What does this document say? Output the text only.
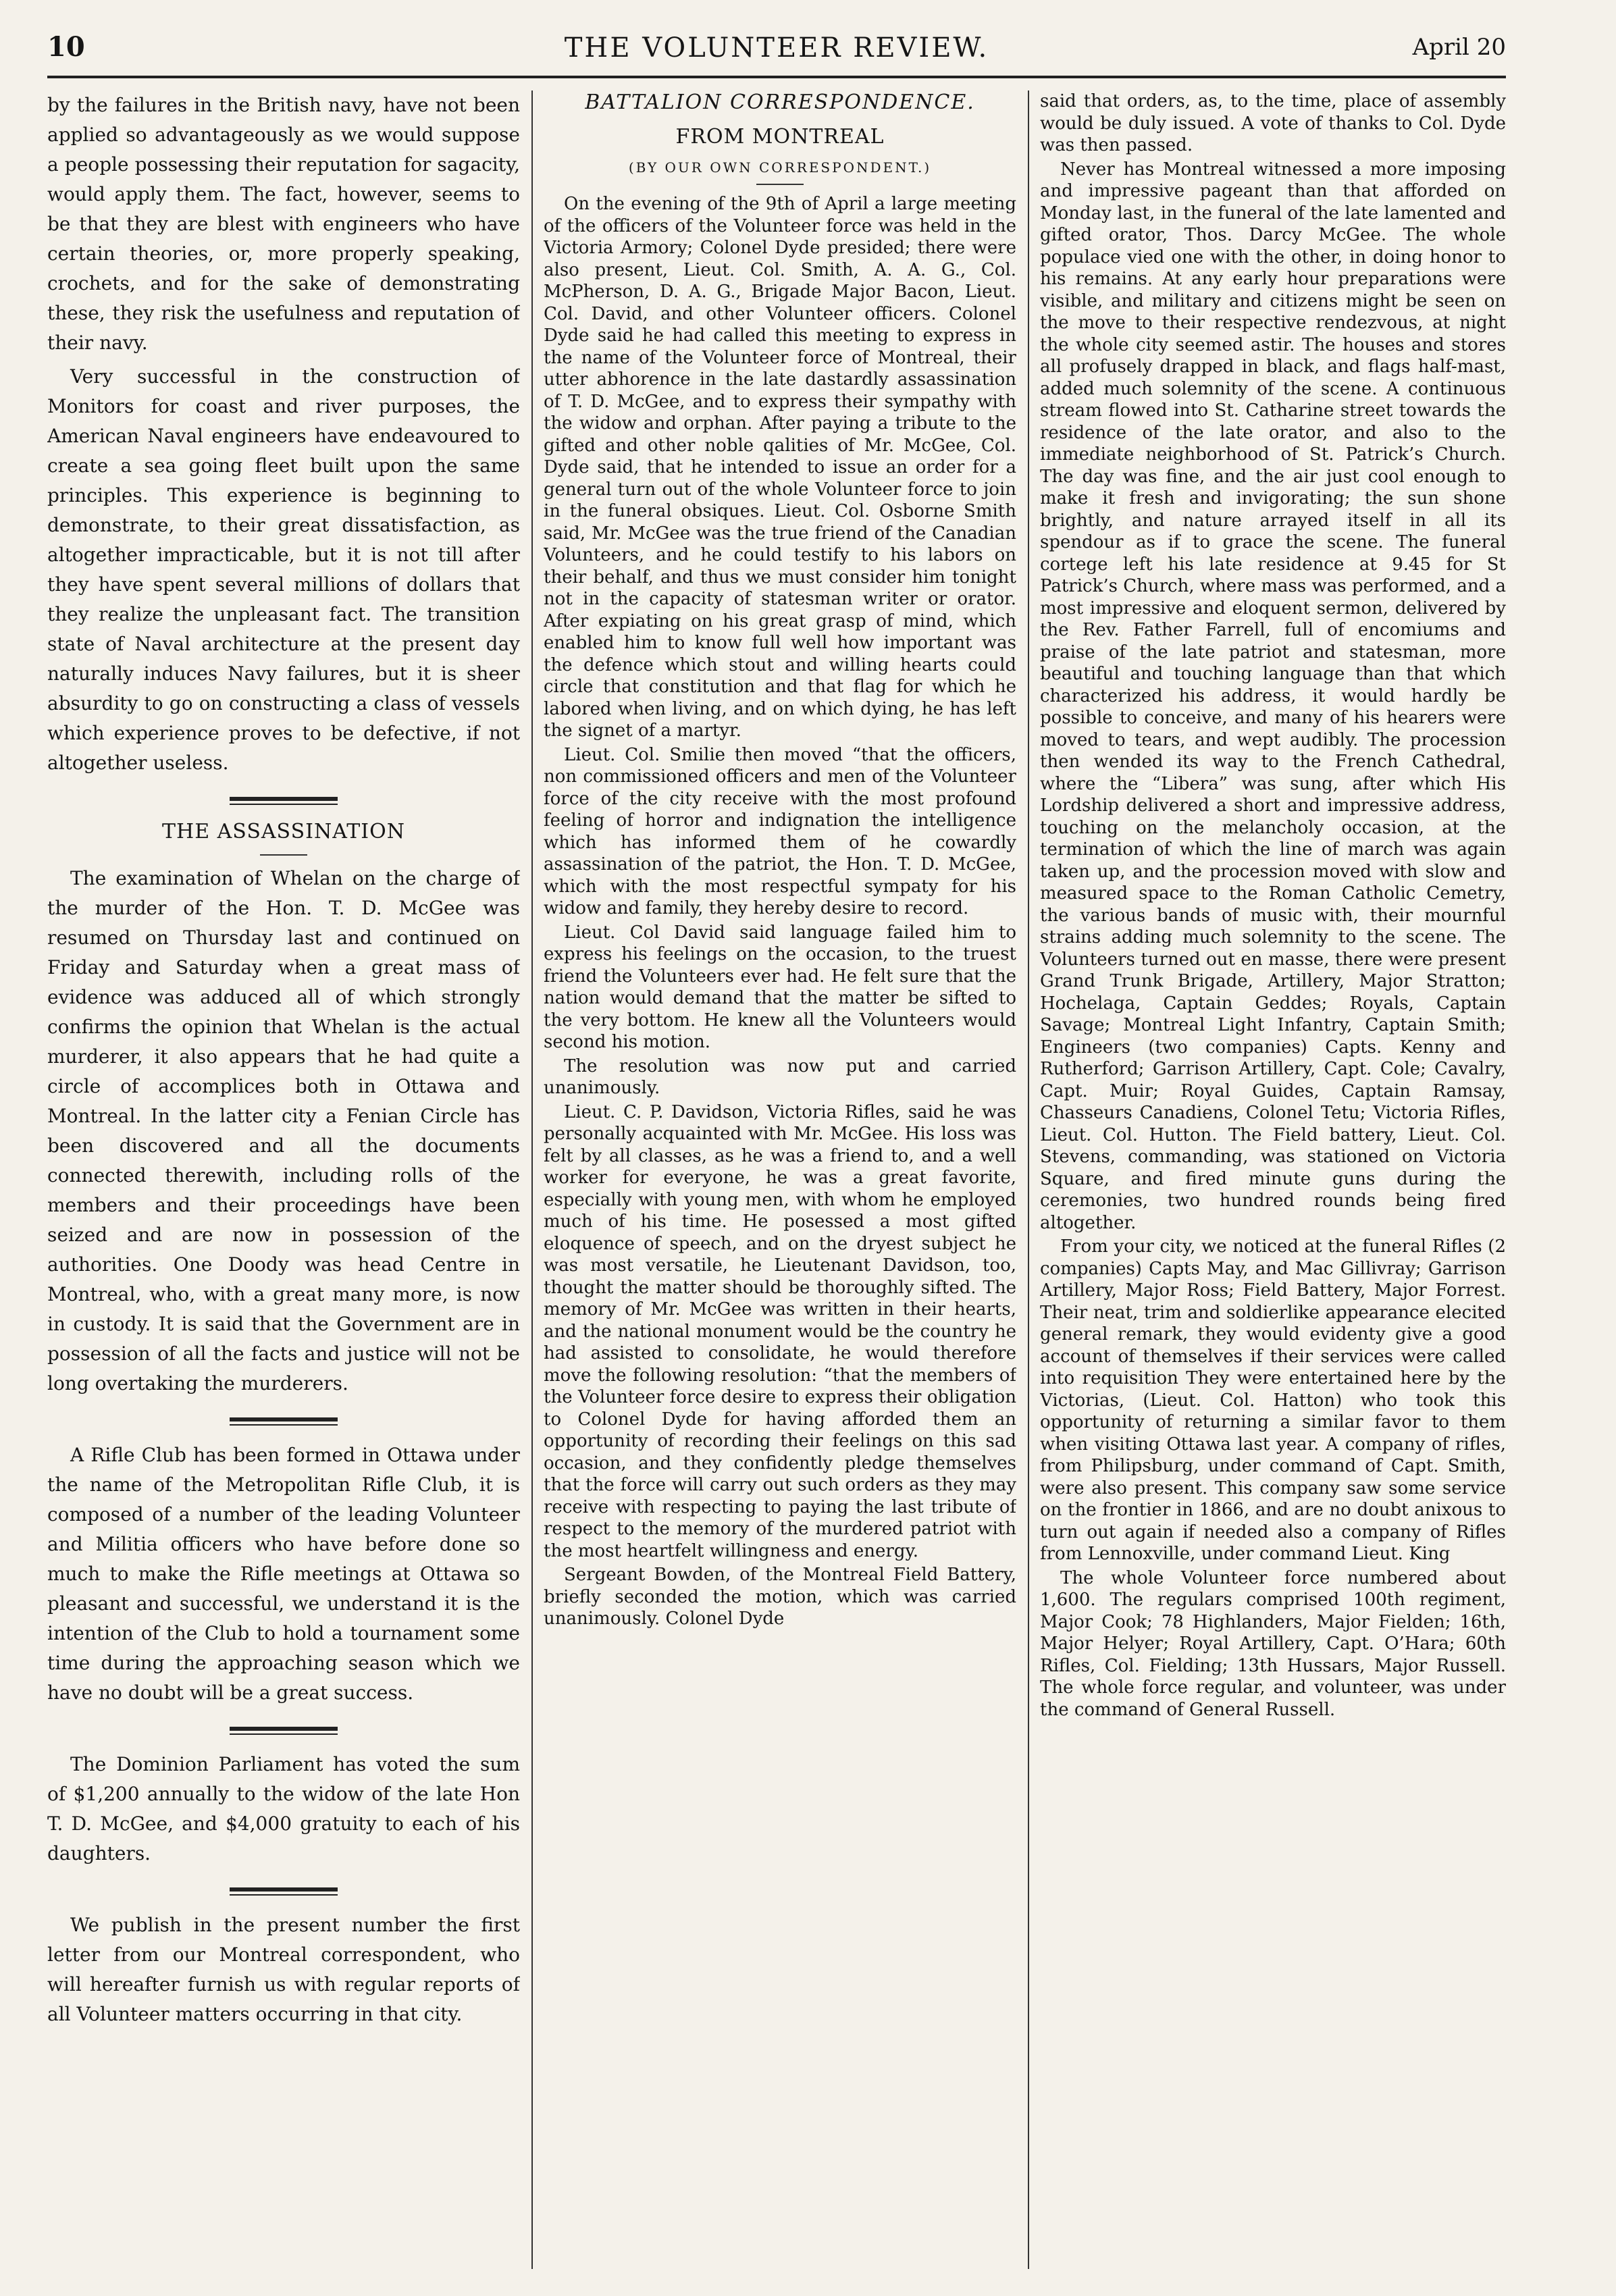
10	THE VOLUNTEER REVIEW.	April 20

by the failures in the British navy, have not been applied so advantageously as we would suppose a people possessing their reputation for sagacity, would apply them. The fact, however, seems to be that they are blest with engineers who have certain theories, or, more properly speaking, crochets, and for the sake of demonstrating these, they risk the usefulness and reputation of their navy.

Very successful in the construction of Monitors for coast and river purposes, the American Naval engineers have endeavoured to create a sea going fleet built upon the same principles. This experience is beginning to demonstrate, to their great dissatisfaction, as altogether impracticable, but it is not till after they have spent several millions of dollars that they realize the unpleasant fact. The transition state of Naval architecture at the present day naturally induces Navy failures, but it is sheer absurdity to go on constructing a class of vessels which experience proves to be defective, if not altogether useless.

THE ASSASSINATION

The examination of Whelan on the charge of the murder of the Hon. T. D. McGee was resumed on Thursday last and continued on Friday and Saturday when a great mass of evidence was adduced all of which strongly confirms the opinion that Whelan is the actual murderer, it also appears that he had quite a circle of accomplices both in Ottawa and Montreal. In the latter city a Fenian Circle has been discovered and all the documents connected therewith, including rolls of the members and their proceedings have been seized and are now in possession of the authorities. One Doody was head Centre in Montreal, who, with a great many more, is now in custody. It is said that the Government are in possession of all the facts and justice will not be long overtaking the murderers.

A Rifle Club has been formed in Ottawa under the name of the Metropolitan Rifle Club, it is composed of a number of the leading Volunteer and Militia officers who have before done so much to make the Rifle meetings at Ottawa so pleasant and successful, we understand it is the intention of the Club to hold a tournament some time during the approaching season which we have no doubt will be a great success.

The Dominion Parliament has voted the sum of $1,200 annually to the widow of the late Hon T. D. McGee, and $4,000 gratuity to each of his daughters.

We publish in the present number the first letter from our Montreal correspondent, who will hereafter furnish us with regular reports of all Volunteer matters occurring in that city.

BATTALION CORRESPONDENCE.
FROM MONTREAL
(BY OUR OWN CORRESPONDENT.)

On the evening of the 9th of April a large meeting of the officers of the Volunteer force was held in the Victoria Armory; Colonel Dyde presided; there were also present, Lieut. Col. Smith, A. A. G., Col. McPherson, D. A. G., Brigade Major Bacon, Lieut. Col. David, and other Volunteer officers. Colonel Dyde said he had called this meeting to express in the name of the Volunteer force of Montreal, their utter abhorence in the late dastardly assassination of T. D. McGee, and to express their sympathy with the widow and orphan. After paying a tribute to the gifted and other noble qalities of Mr. McGee, Col. Dyde said, that he intended to issue an order for a general turn out of the whole Volunteer force to join in the funeral obsiques. Lieut. Col. Osborne Smith said, Mr. McGee was the true friend of the Canadian Volunteers, and he could testify to his labors on their behalf, and thus we must consider him tonight not in the capacity of statesman writer or orator. After expiating on his great grasp of mind, which enabled him to know full well how important was the defence which stout and willing hearts could circle that constitution and that flag for which he labored when living, and on which dying, he has left the signet of a martyr.

Lieut. Col. Smilie then moved “that the officers, non commissioned officers and men of the Volunteer force of the city receive with the most profound feeling of horror and indignation the intelligence which has informed them of he cowardly assassination of the patriot, the Hon. T. D. McGee, which with the most respectful sympaty for his widow and family, they hereby desire to record.

Lieut. Col David said language failed him to express his feelings on the occasion, to the truest friend the Volunteers ever had. He felt sure that the nation would demand that the matter be sifted to the very bottom. He knew all the Volunteers would second his motion.

The resolution was now put and carried unanimously.

Lieut. C. P. Davidson, Victoria Rifles, said he was personally acquainted with Mr. McGee. His loss was felt by all classes, as he was a friend to, and a well worker for everyone, he was a great favorite, especially with young men, with whom he employed much of his time. He posessed a most gifted eloquence of speech, and on the dryest subject he was most versatile, he Lieutenant Davidson, too, thought the matter should be thoroughly sifted. The memory of Mr. McGee was written in their hearts, and the national monument would be the country he had assisted to consolidate, he would therefore move the following resolution: “that the members of the Volunteer force desire to express their obligation to Colonel Dyde for having afforded them an opportunity of recording their feelings on this sad occasion, and they confidently pledge themselves that the force will carry out such orders as they may receive with respecting to paying the last tribute of respect to the memory of the murdered patriot with the most heartfelt willingness and energy.

Sergeant Bowden, of the Montreal Field Battery, briefly seconded the motion, which was carried unanimously. Colonel Dyde

said that orders, as, to the time, place of assembly would be duly issued. A vote of thanks to Col. Dyde was then passed.

Never has Montreal witnessed a more imposing and impressive pageant than that afforded on Monday last, in the funeral of the late lamented and gifted orator, Thos. Darcy McGee. The whole populace vied one with the other, in doing honor to his remains. At any early hour preparations were visible, and military and citizens might be seen on the move to their respective rendezvous, at night the whole city seemed astir. The houses and stores all profusely drapped in black, and flags half-mast, added much solemnity of the scene. A continuous stream flowed into St. Catharine street towards the residence of the late orator, and also to the immediate neighborhood of St. Patrick’s Church. The day was fine, and the air just cool enough to make it fresh and invigorating; the sun shone brightly, and nature arrayed itself in all its spendour as if to grace the scene. The funeral cortege left his late residence at 9.45 for St Patrick’s Church, where mass was performed, and a most impressive and eloquent sermon, delivered by the Rev. Father Farrell, full of encomiums and praise of the late patriot and statesman, more beautiful and touching language than that which characterized his address, it would hardly be possible to conceive, and many of his hearers were moved to tears, and wept audibly. The procession then wended its way to the French Cathedral, where the “Libera” was sung, after which His Lordship delivered a short and impressive address, touching on the melancholy occasion, at the termination of which the line of march was again taken up, and the procession moved with slow and measured space to the Roman Catholic Cemetry, the various bands of music with, their mournful strains adding much solemnity to the scene. The Volunteers turned out en masse, there were present Grand Trunk Brigade, Artillery, Major Stratton; Hochelaga, Captain Geddes; Royals, Captain Savage; Montreal Light Infantry, Captain Smith; Engineers (two companies) Capts. Kenny and Rutherford; Garrison Artillery, Capt. Cole; Cavalry, Capt. Muir; Royal Guides, Captain Ramsay, Chasseurs Canadiens, Colonel Tetu; Victoria Rifles, Lieut. Col. Hutton. The Field battery, Lieut. Col. Stevens, commanding, was stationed on Victoria Square, and fired minute guns during the ceremonies, two hundred rounds being fired altogether.

From your city, we noticed at the funeral Rifles (2 companies) Capts May, and Mac Gillivray; Garrison Artillery, Major Ross; Field Battery, Major Forrest. Their neat, trim and soldierlike appearance elecited general remark, they would evidenty give a good account of themselves if their services were called into requisition They were entertained here by the Victorias, (Lieut. Col. Hatton) who took this opportunity of returning a similar favor to them when visiting Ottawa last year. A company of rifles, from Philipsburg, under command of Capt. Smith, were also present. This company saw some service on the frontier in 1866, and are no doubt anixous to turn out again if needed also a company of Rifles from Lennoxville, under command Lieut. King

The whole Volunteer force numbered about 1,600. The regulars comprised 100th regiment, Major Cook; 78 Highlanders, Major Fielden; 16th, Major Helyer; Royal Artillery, Capt. O’Hara; 60th Rifles, Col. Fielding; 13th Hussars, Major Russell. The whole force regular, and volunteer, was under the command of General Russell.
